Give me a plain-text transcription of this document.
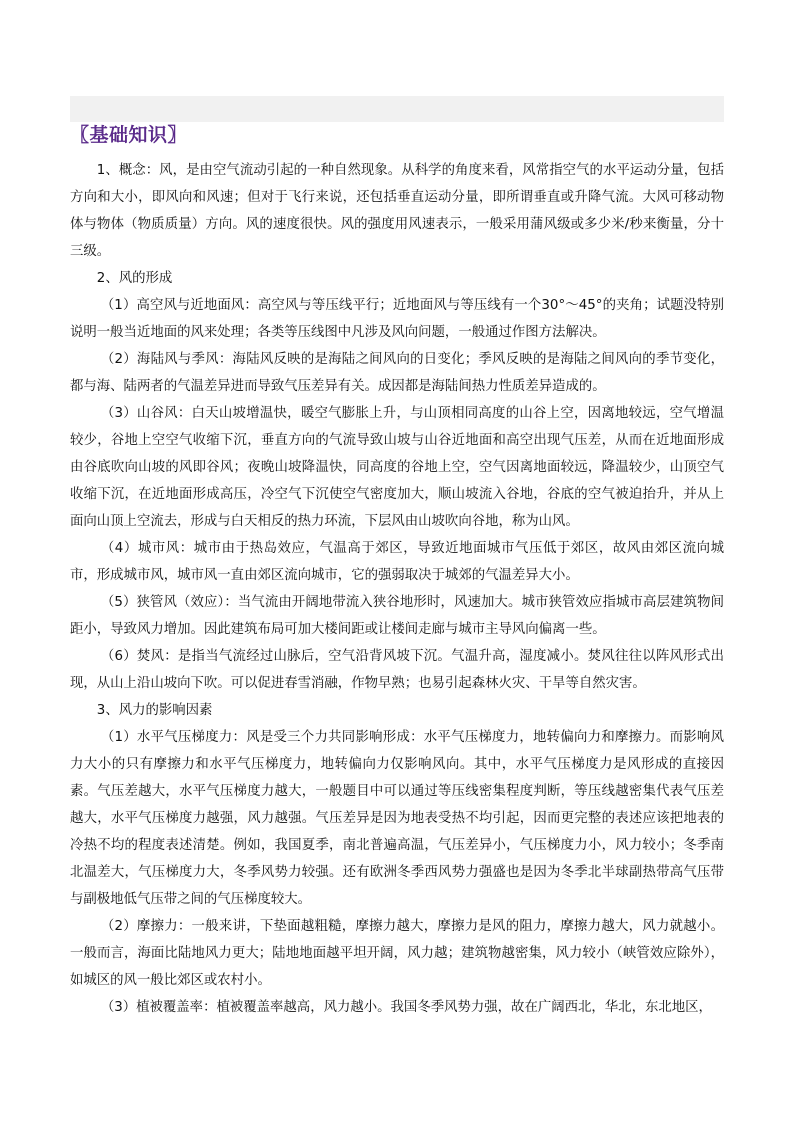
〖基础知识〗

1、概念：风，是由空气流动引起的一种自然现象。从科学的角度来看，风常指空气的水平运动分量，包括方向和大小，即风向和风速；但对于飞行来说，还包括垂直运动分量，即所谓垂直或升降气流。大风可移动物体与物体（物质质量）方向。风的速度很快。风的强度用风速表示，一般采用蒲风级或多少米/秒来衡量，分十三级。

2、风的形成

（1）高空风与近地面风：高空风与等压线平行；近地面风与等压线有一个30°～45°的夹角；试题没特别说明一般当近地面的风来处理；各类等压线图中凡涉及风向问题，一般通过作图方法解决。

（2）海陆风与季风：海陆风反映的是海陆之间风向的日变化；季风反映的是海陆之间风向的季节变化，都与海、陆两者的气温差异进而导致气压差异有关。成因都是海陆间热力性质差异造成的。

（3）山谷风：白天山坡增温快，暖空气膨胀上升，与山顶相同高度的山谷上空，因离地较远，空气增温较少，谷地上空空气收缩下沉，垂直方向的气流导致山坡与山谷近地面和高空出现气压差，从而在近地面形成由谷底吹向山坡的风即谷风；夜晚山坡降温快，同高度的谷地上空，空气因离地面较远，降温较少，山顶空气收缩下沉，在近地面形成高压，冷空气下沉使空气密度加大，顺山坡流入谷地，谷底的空气被迫抬升，并从上面向山顶上空流去，形成与白天相反的热力环流，下层风由山坡吹向谷地，称为山风。

（4）城市风：城市由于热岛效应，气温高于郊区，导致近地面城市气压低于郊区，故风由郊区流向城市，形成城市风，城市风一直由郊区流向城市，它的强弱取决于城郊的气温差异大小。

（5）狭管风（效应）：当气流由开阔地带流入狭谷地形时，风速加大。城市狭管效应指城市高层建筑物间距小，导致风力增加。因此建筑布局可加大楼间距或让楼间走廊与城市主导风向偏离一些。

（6）焚风：是指当气流经过山脉后，空气沿背风坡下沉。气温升高，湿度减小。焚风往往以阵风形式出现，从山上沿山坡向下吹。可以促进春雪消融，作物早熟；也易引起森林火灾、干旱等自然灾害。

3、风力的影响因素

（1）水平气压梯度力：风是受三个力共同影响形成：水平气压梯度力，地转偏向力和摩擦力。而影响风力大小的只有摩擦力和水平气压梯度力，地转偏向力仅影响风向。其中，水平气压梯度力是风形成的直接因素。气压差越大，水平气压梯度力越大，一般题目中可以通过等压线密集程度判断，等压线越密集代表气压差越大，水平气压梯度力越强，风力越强。气压差异是因为地表受热不均引起，因而更完整的表述应该把地表的冷热不均的程度表述清楚。例如，我国夏季，南北普遍高温，气压差异小，气压梯度力小，风力较小；冬季南北温差大，气压梯度力大，冬季风势力较强。还有欧洲冬季西风势力强盛也是因为冬季北半球副热带高气压带与副极地低气压带之间的气压梯度较大。

（2）摩擦力：一般来讲，下垫面越粗糙，摩擦力越大，摩擦力是风的阻力，摩擦力越大，风力就越小。一般而言，海面比陆地风力更大；陆地地面越平坦开阔，风力越；建筑物越密集，风力较小（峡管效应除外），如城区的风一般比郊区或农村小。

（3）植被覆盖率：植被覆盖率越高，风力越小。我国冬季风势力强，故在广阔西北，华北，东北地区，
